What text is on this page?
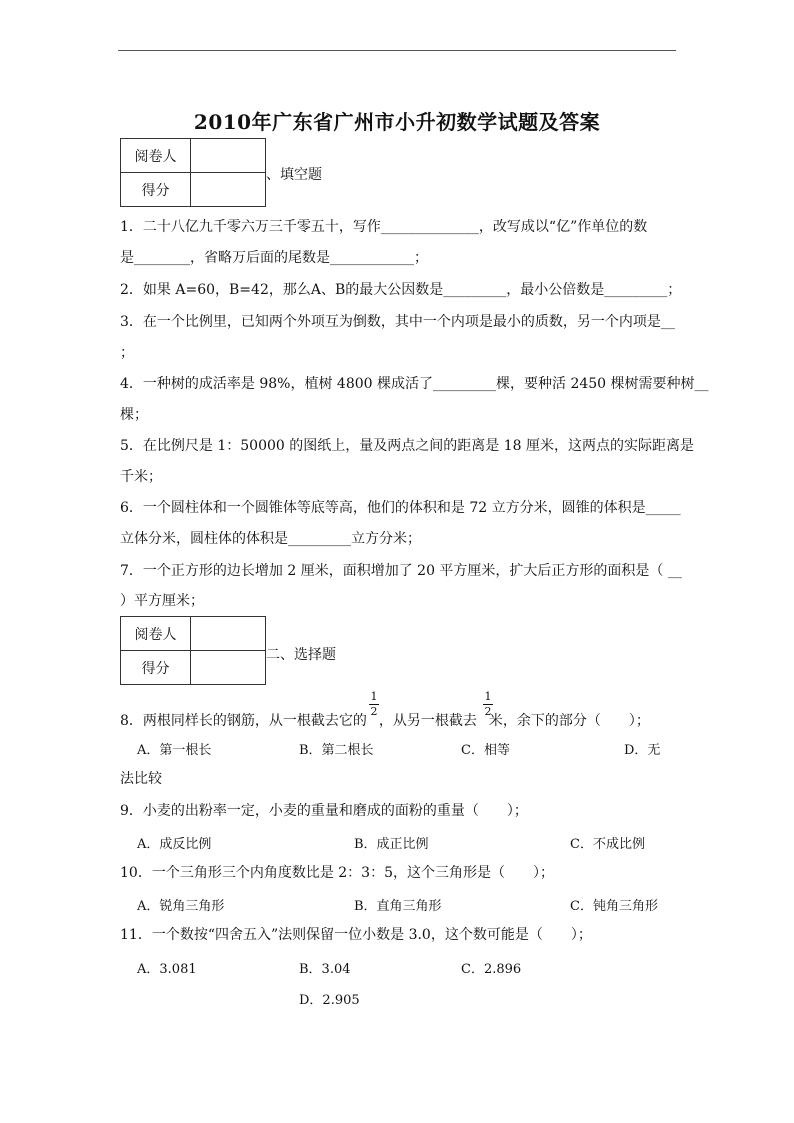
2010年广东省广州市小升初数学试题及答案
阅卷人	
得分	
、填空题
1．二十八亿九千零六万三千零五十，写作______________，改写成以“亿”作单位的数
是________，省略万后面的尾数是____________；
2．如果 A=60，B=42，那么A、B的最大公因数是_________，最小公倍数是_________；
3．在一个比例里，已知两个外项互为倒数，其中一个内项是最小的质数，另一个内项是__
；
4．一种树的成活率是 98%，植树 4800 棵成活了_________棵，要种活 2450 棵树需要种树__
棵；
5．在比例尺是 1：50000 的图纸上，量及两点之间的距离是 18 厘米，这两点的实际距离是
千米；
6．一个圆柱体和一个圆锥体等底等高，他们的体积和是 72 立方分米，圆锥的体积是_____
立体分米，圆柱体的体积是_________立方分米；
7．一个正方形的边长增加 2 厘米，面积增加了 20 平方厘米，扩大后正方形的面积是（ __
）平方厘米；
阅卷人	
得分	
二、选择题
8．两根同样长的钢筋，从一根截去它的 ，从另一根截去 米，余下的部分（　　）；
1
2
1
2
A．第一根长	B．第二根长	C．相等	D．无
法比较
9．小麦的出粉率一定，小麦的重量和磨成的面粉的重量（　　）；
A．成反比例	B．成正比例	C．不成比例
10．一个三角形三个内角度数比是 2：3：5，这个三角形是（　　）；
A．锐角三角形	B．直角三角形	C．钝角三角形
11．一个数按“四舍五入”法则保留一位小数是 3.0，这个数可能是（　　）；
A．3.081	B．3.04	C．2.896
D．2.905
